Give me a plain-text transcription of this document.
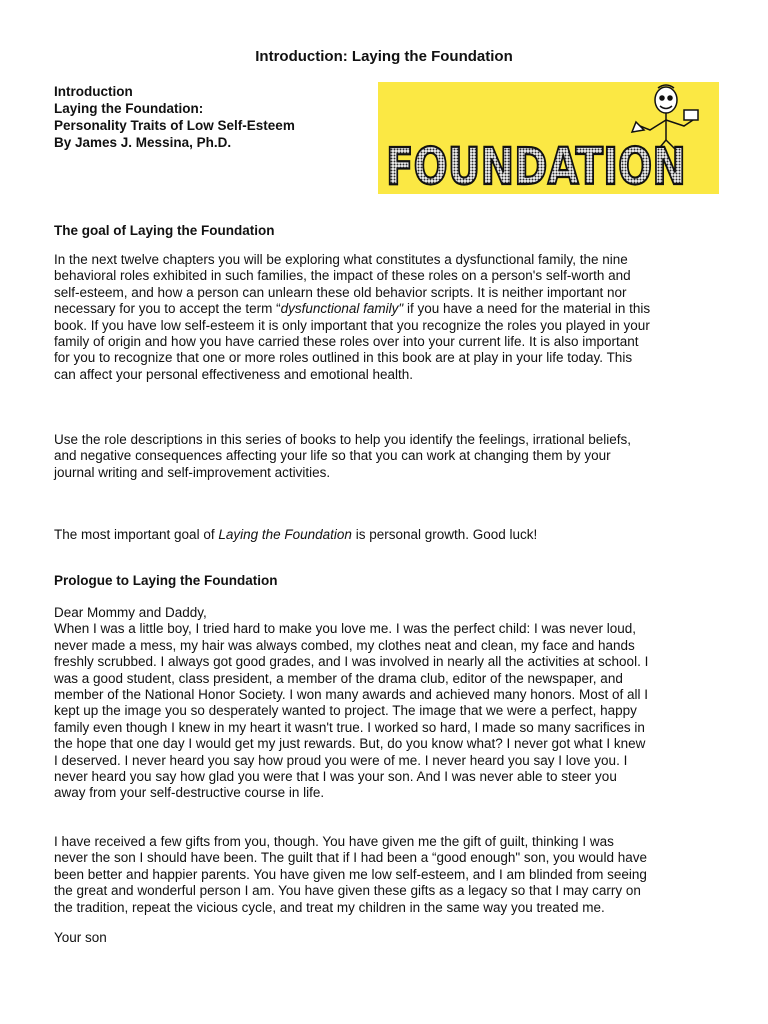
Introduction: Laying the Foundation
Introduction
Laying the Foundation:
Personality Traits of Low Self-Esteem
By James J. Messina, Ph.D.	FOUNDATION
The goal of Laying the Foundation
In the next twelve chapters you will be exploring what constitutes a dysfunctional family, the nine
behavioral roles exhibited in such families, the impact of these roles on a person's self-worth and
self-esteem, and how a person can unlearn these old behavior scripts. It is neither important nor
necessary for you to accept the term “dysfunctional family" if you have a need for the material in this
book. If you have low self-esteem it is only important that you recognize the roles you played in your
family of origin and how you have carried these roles over into your current life. It is also important
for you to recognize that one or more roles outlined in this book are at play in your life today. This
can affect your personal effectiveness and emotional health.
Use the role descriptions in this series of books to help you identify the feelings, irrational beliefs,
and negative consequences affecting your life so that you can work at changing them by your
journal writing and self-improvement activities.
The most important goal of Laying the Foundation is personal growth. Good luck!
Prologue to Laying the Foundation
Dear Mommy and Daddy,
When I was a little boy, I tried hard to make you love me. I was the perfect child: I was never loud,
never made a mess, my hair was always combed, my clothes neat and clean, my face and hands
freshly scrubbed. I always got good grades, and I was involved in nearly all the activities at school. I
was a good student, class president, a member of the drama club, editor of the newspaper, and
member of the National Honor Society. I won many awards and achieved many honors. Most of all I
kept up the image you so desperately wanted to project. The image that we were a perfect, happy
family even though I knew in my heart it wasn't true. I worked so hard, I made so many sacrifices in
the hope that one day I would get my just rewards. But, do you know what? I never got what I knew
I deserved. I never heard you say how proud you were of me. I never heard you say I love you. I
never heard you say how glad you were that I was your son. And I was never able to steer you
away from your self-destructive course in life.
I have received a few gifts from you, though. You have given me the gift of guilt, thinking I was
never the son I should have been. The guilt that if I had been a “good enough" son, you would have
been better and happier parents. You have given me low self-esteem, and I am blinded from seeing
the great and wonderful person I am. You have given these gifts as a legacy so that I may carry on
the tradition, repeat the vicious cycle, and treat my children in the same way you treated me.
Your son
